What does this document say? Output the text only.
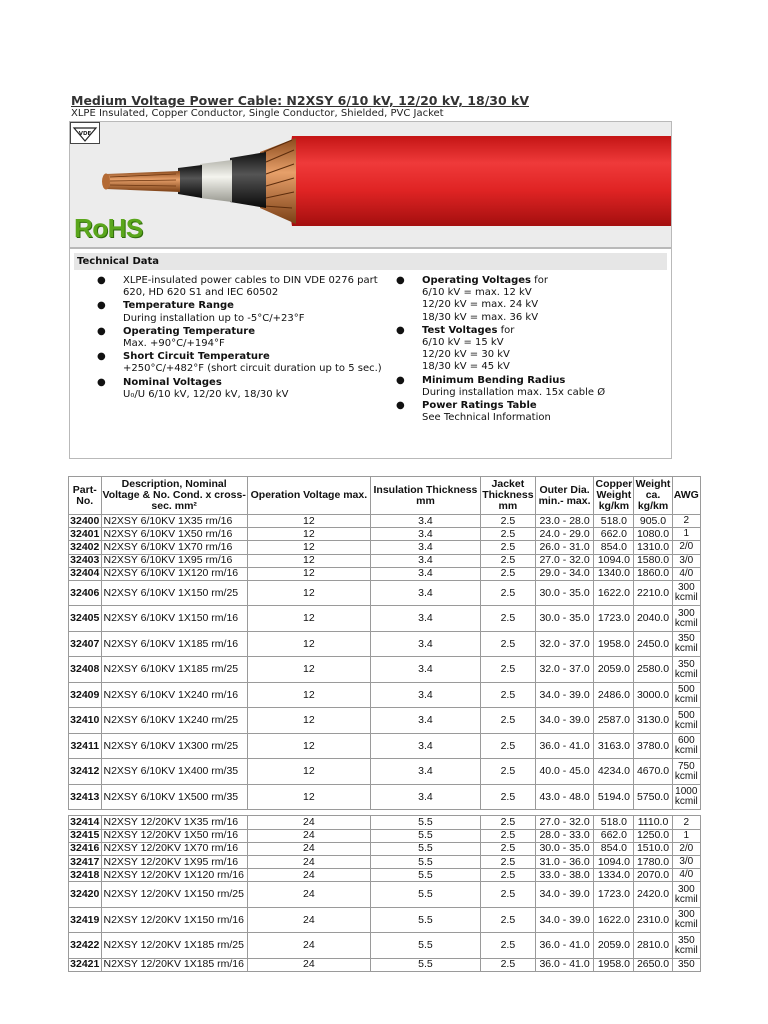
Medium Voltage Power Cable: N2XSY 6/10 kV, 12/20 kV, 18/30 kV
XLPE Insulated, Copper Conductor, Single Conductor, Shielded, PVC Jacket
VDE
RoHS
Technical Data
● XLPE-insulated power cables to DIN VDE 0276 part 620, HD 620 S1 and IEC 60502
● Temperature Range
During installation up to -5°C/+23°F
● Operating Temperature
Max. +90°C/+194°F
● Short Circuit Temperature
+250°C/+482°F (short circuit duration up to 5 sec.)
● Nominal Voltages
U₀/U 6/10 kV, 12/20 kV, 18/30 kV
● Operating Voltages for
6/10 kV = max. 12 kV
12/20 kV = max. 24 kV
18/30 kV = max. 36 kV
● Test Voltages for
6/10 kV = 15 kV
12/20 kV = 30 kV
18/30 kV = 45 kV
● Minimum Bending Radius
During installation max. 15x cable Ø
● Power Ratings Table
See Technical Information
Part-No.	Description, Nominal Voltage & No. Cond. x cross-sec. mm²	Operation Voltage max.	Insulation Thickness mm	Jacket Thickness mm	Outer Dia. min.- max.	Copper Weight kg/km	Weight ca. kg/km	AWG
32400	N2XSY 6/10KV 1X35 rm/16	12	3.4	2.5	23.0 - 28.0	518.0	905.0	2
32401	N2XSY 6/10KV 1X50 rm/16	12	3.4	2.5	24.0 - 29.0	662.0	1080.0	1
32402	N2XSY 6/10KV 1X70 rm/16	12	3.4	2.5	26.0 - 31.0	854.0	1310.0	2/0
32403	N2XSY 6/10KV 1X95 rm/16	12	3.4	2.5	27.0 - 32.0	1094.0	1580.0	3/0
32404	N2XSY 6/10KV 1X120 rm/16	12	3.4	2.5	29.0 - 34.0	1340.0	1860.0	4/0
32406	N2XSY 6/10KV 1X150 rm/25	12	3.4	2.5	30.0 - 35.0	1622.0	2210.0	300 kcmil
32405	N2XSY 6/10KV 1X150 rm/16	12	3.4	2.5	30.0 - 35.0	1723.0	2040.0	300 kcmil
32407	N2XSY 6/10KV 1X185 rm/16	12	3.4	2.5	32.0 - 37.0	1958.0	2450.0	350 kcmil
32408	N2XSY 6/10KV 1X185 rm/25	12	3.4	2.5	32.0 - 37.0	2059.0	2580.0	350 kcmil
32409	N2XSY 6/10KV 1X240 rm/16	12	3.4	2.5	34.0 - 39.0	2486.0	3000.0	500 kcmil
32410	N2XSY 6/10KV 1X240 rm/25	12	3.4	2.5	34.0 - 39.0	2587.0	3130.0	500 kcmil
32411	N2XSY 6/10KV 1X300 rm/25	12	3.4	2.5	36.0 - 41.0	3163.0	3780.0	600 kcmil
32412	N2XSY 6/10KV 1X400 rm/35	12	3.4	2.5	40.0 - 45.0	4234.0	4670.0	750 kcmil
32413	N2XSY 6/10KV 1X500 rm/35	12	3.4	2.5	43.0 - 48.0	5194.0	5750.0	1000 kcmil

32414	N2XSY 12/20KV 1X35 rm/16	24	5.5	2.5	27.0 - 32.0	518.0	1110.0	2
32415	N2XSY 12/20KV 1X50 rm/16	24	5.5	2.5	28.0 - 33.0	662.0	1250.0	1
32416	N2XSY 12/20KV 1X70 rm/16	24	5.5	2.5	30.0 - 35.0	854.0	1510.0	2/0
32417	N2XSY 12/20KV 1X95 rm/16	24	5.5	2.5	31.0 - 36.0	1094.0	1780.0	3/0
32418	N2XSY 12/20KV 1X120 rm/16	24	5.5	2.5	33.0 - 38.0	1334.0	2070.0	4/0
32420	N2XSY 12/20KV 1X150 rm/25	24	5.5	2.5	34.0 - 39.0	1723.0	2420.0	300 kcmil
32419	N2XSY 12/20KV 1X150 rm/16	24	5.5	2.5	34.0 - 39.0	1622.0	2310.0	300 kcmil
32422	N2XSY 12/20KV 1X185 rm/25	24	5.5	2.5	36.0 - 41.0	2059.0	2810.0	350 kcmil
32421	N2XSY 12/20KV 1X185 rm/16	24	5.5	2.5	36.0 - 41.0	1958.0	2650.0	350
